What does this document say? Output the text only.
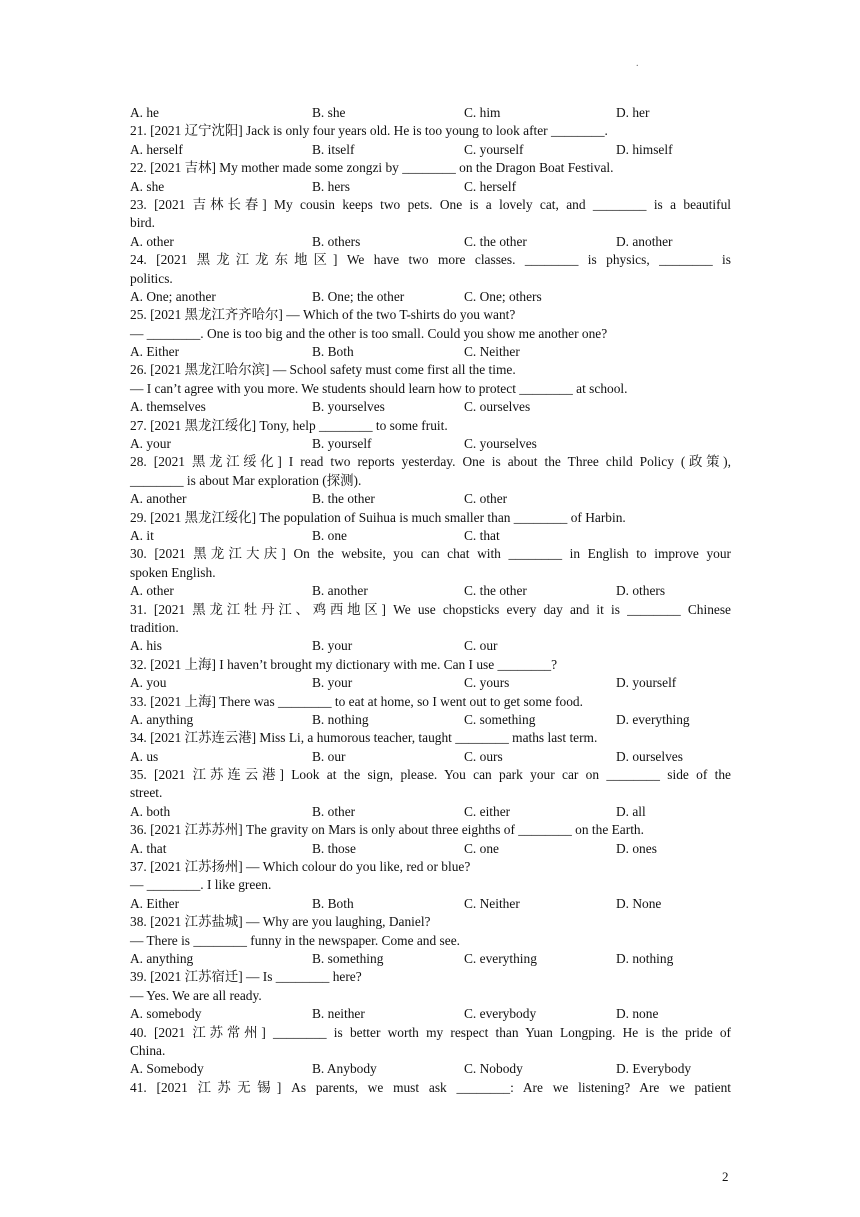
.
A. he	B. she	C. him	D. her
21. [2021 辽宁沈阳] Jack is only four years old. He is too young to look after ________.
A. herself	B. itself	C. yourself	D. himself
22. [2021 吉林] My mother made some zongzi by ________ on the Dragon Boat Festival.
A. she	B. hers	C. herself
23. [2021 吉林长春] My cousin keeps two pets. One is a lovely cat, and ________ is a beautiful
bird.
A. other	B. others	C. the other	D. another
24. [2021 黑龙江龙东地区] We have two more classes. ________ is physics, ________ is
politics.
A. One; another	B. One; the other	C. One; others
25. [2021 黑龙江齐齐哈尔] — Which of the two T-shirts do you want?
— ________. One is too big and the other is too small. Could you show me another one?
A. Either	B. Both	C. Neither
26. [2021 黑龙江哈尔滨] — School safety must come first all the time.
— I can’t agree with you more. We students should learn how to protect ________ at school.
A. themselves	B. yourselves	C. ourselves
27. [2021 黑龙江绥化] Tony, help ________ to some fruit.
A. your	B. yourself	C. yourselves
28. [2021 黑龙江绥化] I read two reports yesterday. One is about the Three child Policy (政策),
________ is about Mar exploration (探测).
A. another	B. the other	C. other
29. [2021 黑龙江绥化] The population of Suihua is much smaller than ________ of Harbin.
A. it	B. one	C. that
30. [2021 黑龙江大庆] On the website, you can chat with ________ in English to improve your
spoken English.
A. other	B. another	C. the other	D. others
31. [2021 黑龙江牡丹江、鸡西地区] We use chopsticks every day and it is ________ Chinese
tradition.
A. his	B. your	C. our
32. [2021 上海] I haven’t brought my dictionary with me. Can I use ________?
A. you	B. your	C. yours	D. yourself
33. [2021 上海] There was ________ to eat at home, so I went out to get some food.
A. anything	B. nothing	C. something	D. everything
34. [2021 江苏连云港] Miss Li, a humorous teacher, taught ________ maths last term.
A. us	B. our	C. ours	D. ourselves
35. [2021 江苏连云港] Look at the sign, please. You can park your car on ________ side of the
street.
A. both	B. other	C. either	D. all
36. [2021 江苏苏州] The gravity on Mars is only about three eighths of ________ on the Earth.
A. that	B. those	C. one	D. ones
37. [2021 江苏扬州] — Which colour do you like, red or blue?
— ________. I like green.
A. Either	B. Both	C. Neither	D. None
38. [2021 江苏盐城] — Why are you laughing, Daniel?
— There is ________ funny in the newspaper. Come and see.
A. anything	B. something	C. everything	D. nothing
39. [2021 江苏宿迁] — Is ________ here?
— Yes. We are all ready.
A. somebody	B. neither	C. everybody	D. none
40. [2021 江苏常州] ________ is better worth my respect than Yuan Longping. He is the pride of
China.
A. Somebody	B. Anybody	C. Nobody	D. Everybody
41. [2021 江苏无锡] As parents, we must ask ________: Are we listening? Are we patient
2
